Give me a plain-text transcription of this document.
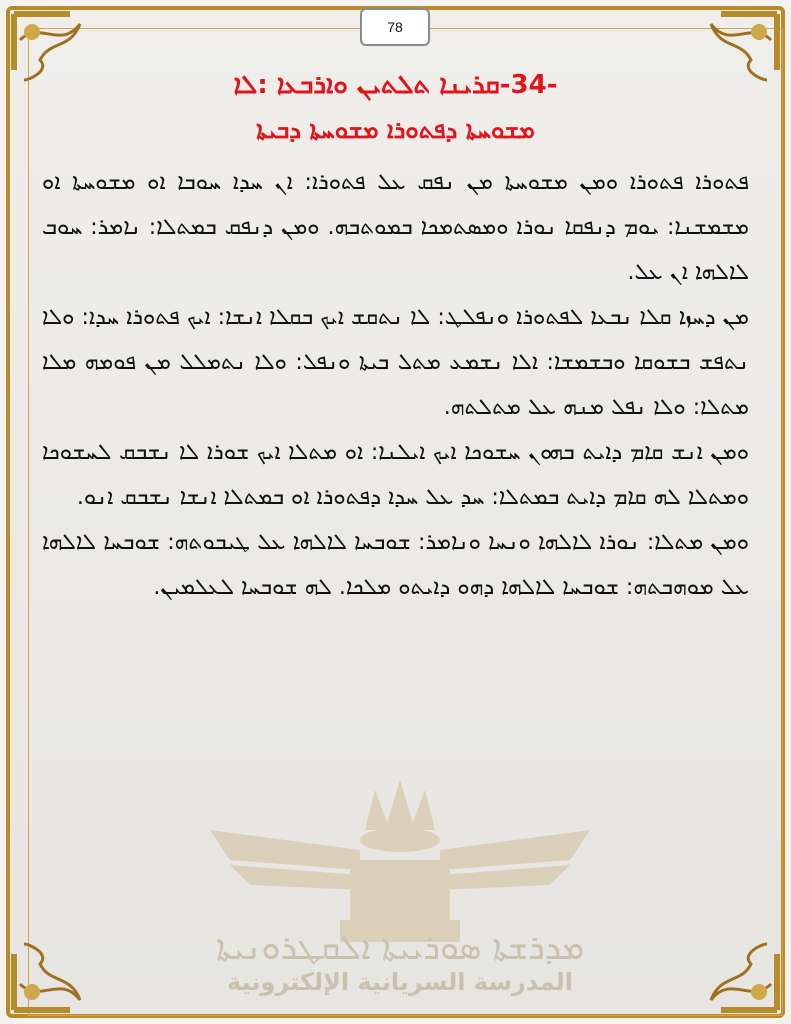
78
-34-ܩܪܝܢܐ ܬܠܬܝܢ ܘܐܪܒܥܐ :ܠܐ
ܡܫܘܚܬܐ ܕܦܬܘܪܐ ܡܫܘܚܬܐ ܕܒܝܬܐ

ܦܬܘܪܐ ܦܬܘܪܐ ܘܡܢ ܡܫܘܚܬܐ ܡܢ ܢܦܩ ܥܠ ܦܬܘܪܐ: ܐܢ ܚܕܐ ܚܘܒܐ ܐܘ ܡܫܘܚܬܐ ܐܘ ܡܫܡܫܢܐ: ܝܘܡ ܕܢܦܩܐ ܢܘܪܐ ܘܡܣܬܡܟܐ ܒܡܘܬܒܗ. ܘܡܢ ܕܢܦܩ ܒܡܬܠܐ: ܢܐܡܪ: ܚܘܒ ܠܐܠܗܐ ܐܢ ܥܠ.

ܡܢ ܕܚܙܐ ܩܠܐ ܢܒܥܐ ܠܦܬܘܪܐ ܘܢܦܠܛ: ܠܐ ܢܬܩܫ ܐܝܟ ܒܩܠܐ ܐܢܫܐ: ܐܝܟ ܦܬܘܪܐ ܚܕܐ: ܘܠܐ ܢܬܦܫ ܒܫܘܩܐ ܘܒܫܡܫܐ: ܐܠܐ ܢܫܡܥ ܡܬܠ ܒܝܬܐ ܘܢܦܠ: ܘܠܐ ܢܬܡܠܠ ܡܢ ܦܘܡܗ ܡܠܐ ܡܬܠܐ: ܘܠܐ ܢܦܠ ܡܢܗ ܥܠ ܡܬܠܬܗ.

ܘܡܢ ܐܢܫ ܩܐܡ ܕܐܝܬ ܒܗܘܢ ܚܫܘܟܐ ܐܝܟ ܐܝܠܢܐ: ܐܘ ܡܬܠܐ ܐܝܟ ܫܘܪܐ ܠܐ ܢܫܒܩ ܠܚܫܘܟܐ ܘܡܬܠܐ ܠܗ ܩܐܡ ܕܐܝܬ ܒܡܬܠܐ: ܚܕ ܥܠ ܚܕܐ ܕܦܬܘܪܐ ܐܘ ܒܡܬܠܐ ܐܢܫܐ ܢܫܒܩ ܐܢܘ.

ܘܡܢ ܡܬܠܐ: ܢܘܪܐ ܠܐܠܗܐ ܘܢܚܐ ܘܢܐܡܪ: ܫܘܒܚܐ ܠܐܠܗܐ ܥܠ ܛܝܒܘܬܗ: ܫܘܒܚܐ ܠܐܠܗܐ ܥܠ ܡܘܗܒܬܗ: ܫܘܒܚܐ ܠܐܠܗܐ ܕܗܘ ܕܐܝܬܘ ܡܠܟܐ. ܠܗ ܫܘܒܚܐ ܠܥܠܡܝܢ.

ܡܕܪܫܬܐ ܣܘܪܝܝܬܐ ܐܠܩܛܪܘܢܝܬܐ
المدرسة السريانية الإلكترونية
